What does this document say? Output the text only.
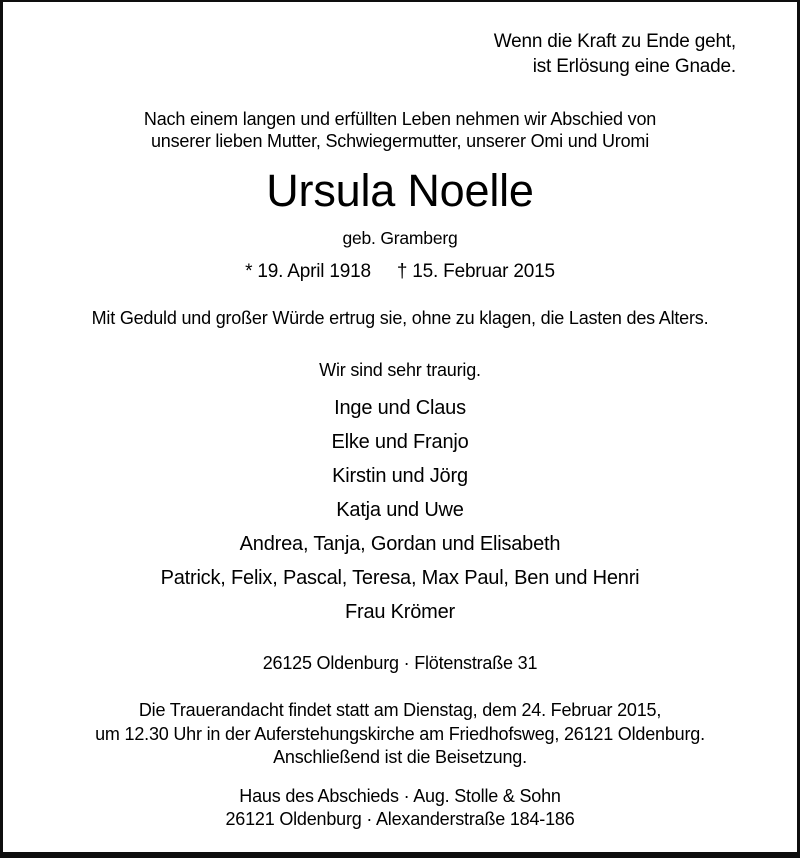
Wenn die Kraft zu Ende geht,
ist Erlösung eine Gnade.
Nach einem langen und erfüllten Leben nehmen wir Abschied von
unserer lieben Mutter, Schwiegermutter, unserer Omi und Uromi
Ursula Noelle
geb. Gramberg
* 19. April 1918 † 15. Februar 2015
Mit Geduld und großer Würde ertrug sie, ohne zu klagen, die Lasten des Alters.
Wir sind sehr traurig.
Inge und Claus
Elke und Franjo
Kirstin und Jörg
Katja und Uwe
Andrea, Tanja, Gordan und Elisabeth
Patrick, Felix, Pascal, Teresa, Max Paul, Ben und Henri
Frau Krömer
26125 Oldenburg · Flötenstraße 31
Die Trauerandacht findet statt am Dienstag, dem 24. Februar 2015,
um 12.30 Uhr in der Auferstehungskirche am Friedhofsweg, 26121 Oldenburg.
Anschließend ist die Beisetzung.
Haus des Abschieds · Aug. Stolle & Sohn
26121 Oldenburg · Alexanderstraße 184-186
